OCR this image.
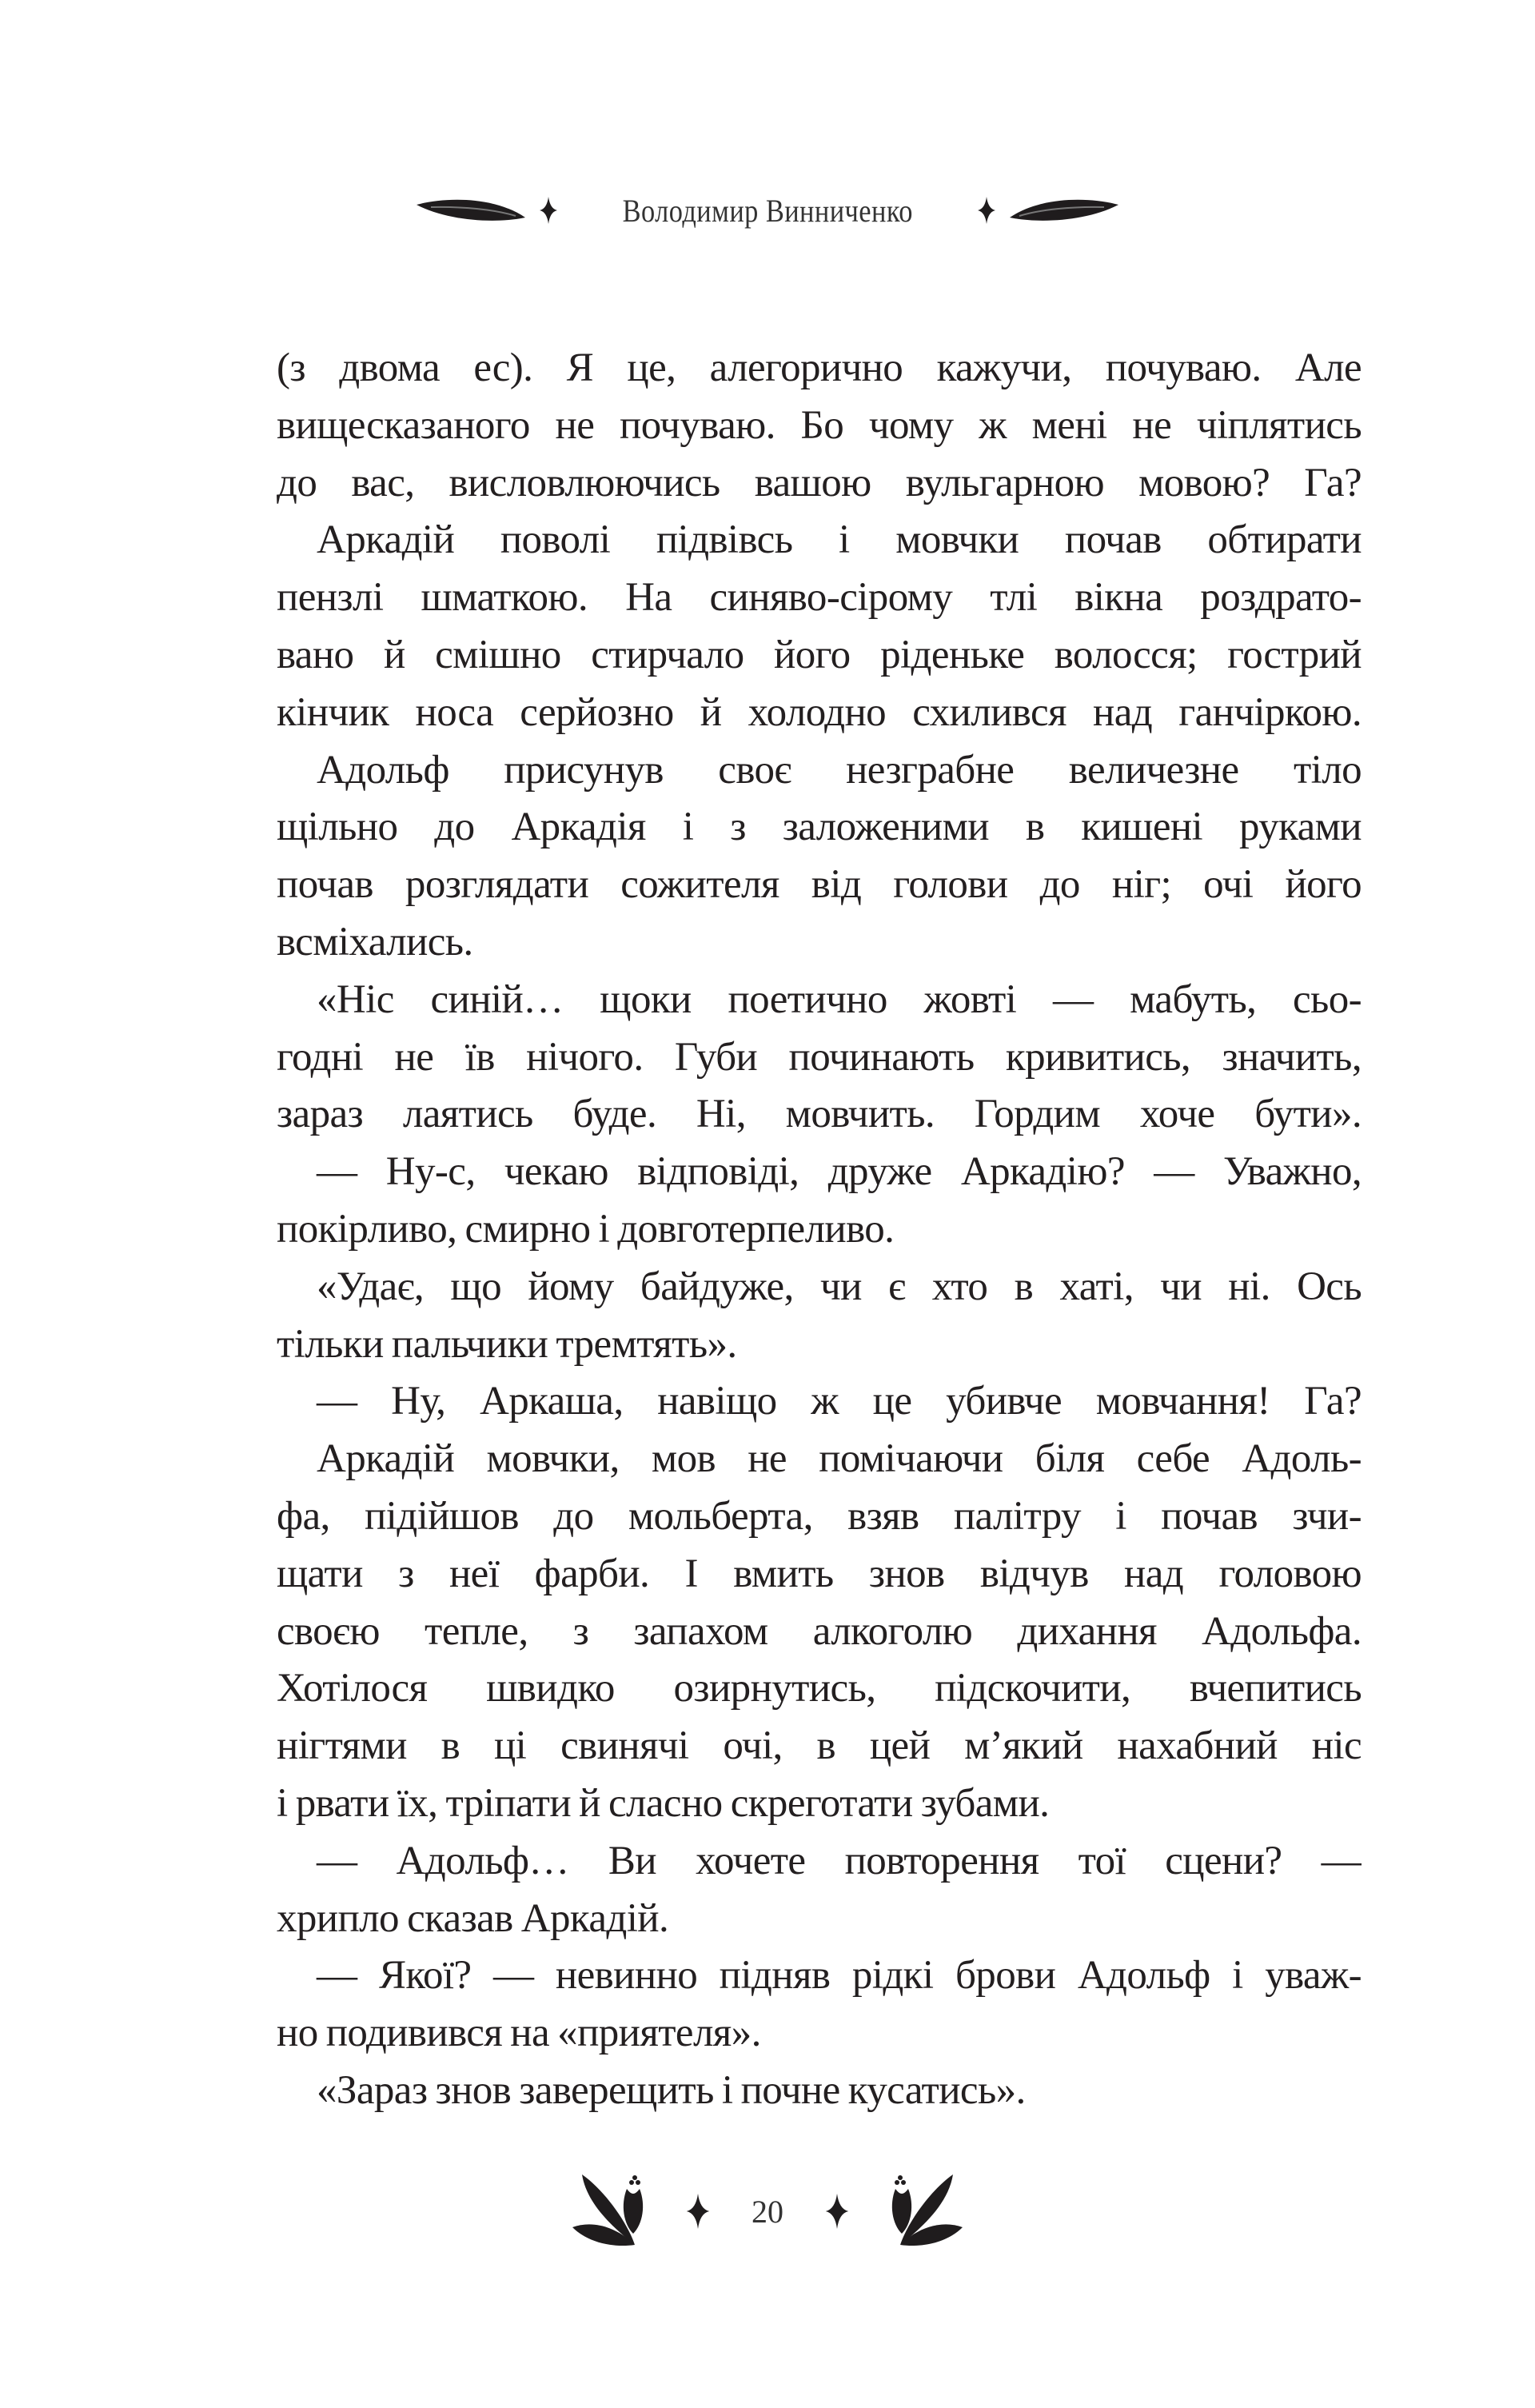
Володимир Винниченко
(з двома ес). Я це, алегорично кажучи, почуваю. Але
вищесказаного не почуваю. Бо чому ж мені не чіплятись
до вас, висловлюючись вашою вульгарною мовою? Га?
Аркадій поволі підвівсь і мовчки почав обтирати
пензлі шматкою. На синяво-сірому тлі вікна роздрато-
вано й смішно стирчало його ріденьке волосся; гострий
кінчик носа серйозно й холодно схилився над ганчіркою.
Адольф присунув своє незграбне величезне тіло
щільно до Аркадія і з заложеними в кишені руками
почав розглядати сожителя від голови до ніг; очі його
всміхались.
«Ніс синій… щоки поетично жовті — мабуть, сьо-
годні не їв нічого. Губи починають кривитись, значить,
зараз лаятись буде. Ні, мовчить. Гордим хоче бути».
— Ну-с, чекаю відповіді, друже Аркадію? — Уважно,
покірливо, смирно і довготерпеливо.
«Удає, що йому байдуже, чи є хто в хаті, чи ні. Ось
тільки пальчики тремтять».
— Ну, Аркаша, навіщо ж це убивче мовчання! Га?
Аркадій мовчки, мов не помічаючи біля себе Адоль-
фа, підійшов до мольберта, взяв палітру і почав зчи-
щати з неї фарби. І вмить знов відчув над головою
своєю тепле, з запахом алкоголю дихання Адольфа.
Хотілося швидко озирнутись, підскочити, вчепитись
нігтями в ці свинячі очі, в цей м’який нахабний ніс
і рвати їх, тріпати й сласно скреготати зубами.
— Адольф… Ви хочете повторення тої сцени? —
хрипло сказав Аркадій.
— Якої? — невинно підняв рідкі брови Адольф і уваж-
но подивився на «приятеля».
«Зараз знов заверещить і почне кусатись».
20
